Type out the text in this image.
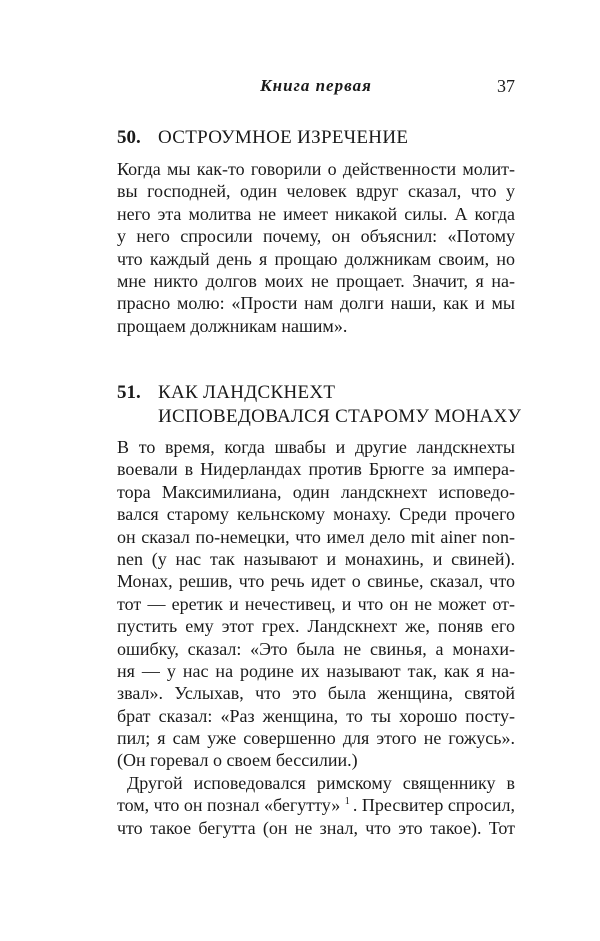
Книга первая	37
50. ОСТРОУМНОЕ ИЗРЕЧЕНИЕ
Когда мы как-то говорили о действенности молит-
вы господней, один человек вдруг сказал, что у
него эта молитва не имеет никакой силы. А когда
у него спросили почему, он объяснил: «Потому
что каждый день я прощаю должникам своим, но
мне никто долгов моих не прощает. Значит, я на-
прасно молю: «Прости нам долги наши, как и мы
прощаем должникам нашим».
51. КАК ЛАНДСКНЕХТ
ИСПОВЕДОВАЛСЯ СТАРОМУ МОНАХУ
В то время, когда швабы и другие ландскнехты
воевали в Нидерландах против Брюгге за импера-
тора Максимилиана, один ландскнехт исповедо-
вался старому кельнскому монаху. Среди прочего
он сказал по-немецки, что имел дело mit ainer non-
nen (у нас так называют и монахинь, и свиней).
Монах, решив, что речь идет о свинье, сказал, что
тот — еретик и нечестивец, и что он не может от-
пустить ему этот грех. Ландскнехт же, поняв его
ошибку, сказал: «Это была не свинья, а монахи-
ня — у нас на родине их называют так, как я на-
звал». Услыхав, что это была женщина, святой
брат сказал: «Раз женщина, то ты хорошо посту-
пил; я сам уже совершенно для этого не гожусь».
(Он горевал о своем бессилии.)
Другой исповедовался римскому священнику в
том, что он познал «бегутту» $^1$ . Пресвитер спросил,
что такое бегутта (он не знал, что это такое). Тот
